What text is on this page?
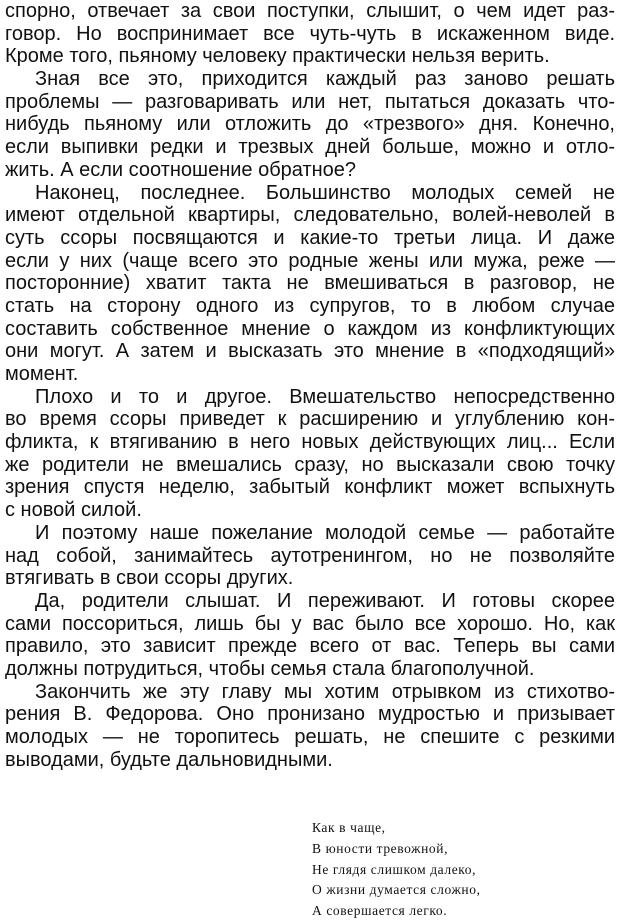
спорно, отвечает за свои поступки, слышит, о чем идет раз-
говор. Но воспринимает все чуть-чуть в искаженном виде.
Кроме того, пьяному человеку практически нельзя верить.
Зная все это, приходится каждый раз заново решать
проблемы — разговаривать или нет, пытаться доказать что-
нибудь пьяному или отложить до «трезвого» дня. Конечно,
если выпивки редки и трезвых дней больше, можно и отло-
жить. А если соотношение обратное?
Наконец, последнее. Большинство молодых семей не
имеют отдельной квартиры, следовательно, волей-неволей в
суть ссоры посвящаются и какие-то третьи лица. И даже
если у них (чаще всего это родные жены или мужа, реже —
посторонние) хватит такта не вмешиваться в разговор, не
стать на сторону одного из супругов, то в любом случае
составить собственное мнение о каждом из конфликтующих
они могут. А затем и высказать это мнение в «подходящий»
момент.
Плохо и то и другое. Вмешательство непосредственно
во время ссоры приведет к расширению и углублению кон-
фликта, к втягиванию в него новых действующих лиц... Если
же родители не вмешались сразу, но высказали свою точку
зрения спустя неделю, забытый конфликт может вспыхнуть
с новой силой.
И поэтому наше пожелание молодой семье — работайте
над собой, занимайтесь аутотренингом, но не позволяйте
втягивать в свои ссоры других.
Да, родители слышат. И переживают. И готовы скорее
сами поссориться, лишь бы у вас было все хорошо. Но, как
правило, это зависит прежде всего от вас. Теперь вы сами
должны потрудиться, чтобы семья стала благополучной.
Закончить же эту главу мы хотим отрывком из стихотво-
рения В. Федорова. Оно пронизано мудростью и призывает
молодых — не торопитесь решать, не спешите с резкими
выводами, будьте дальновидными.
Как в чаще,
В юности тревожной,
Не глядя слишком далеко,
О жизни думается сложно,
А совершается легко.
